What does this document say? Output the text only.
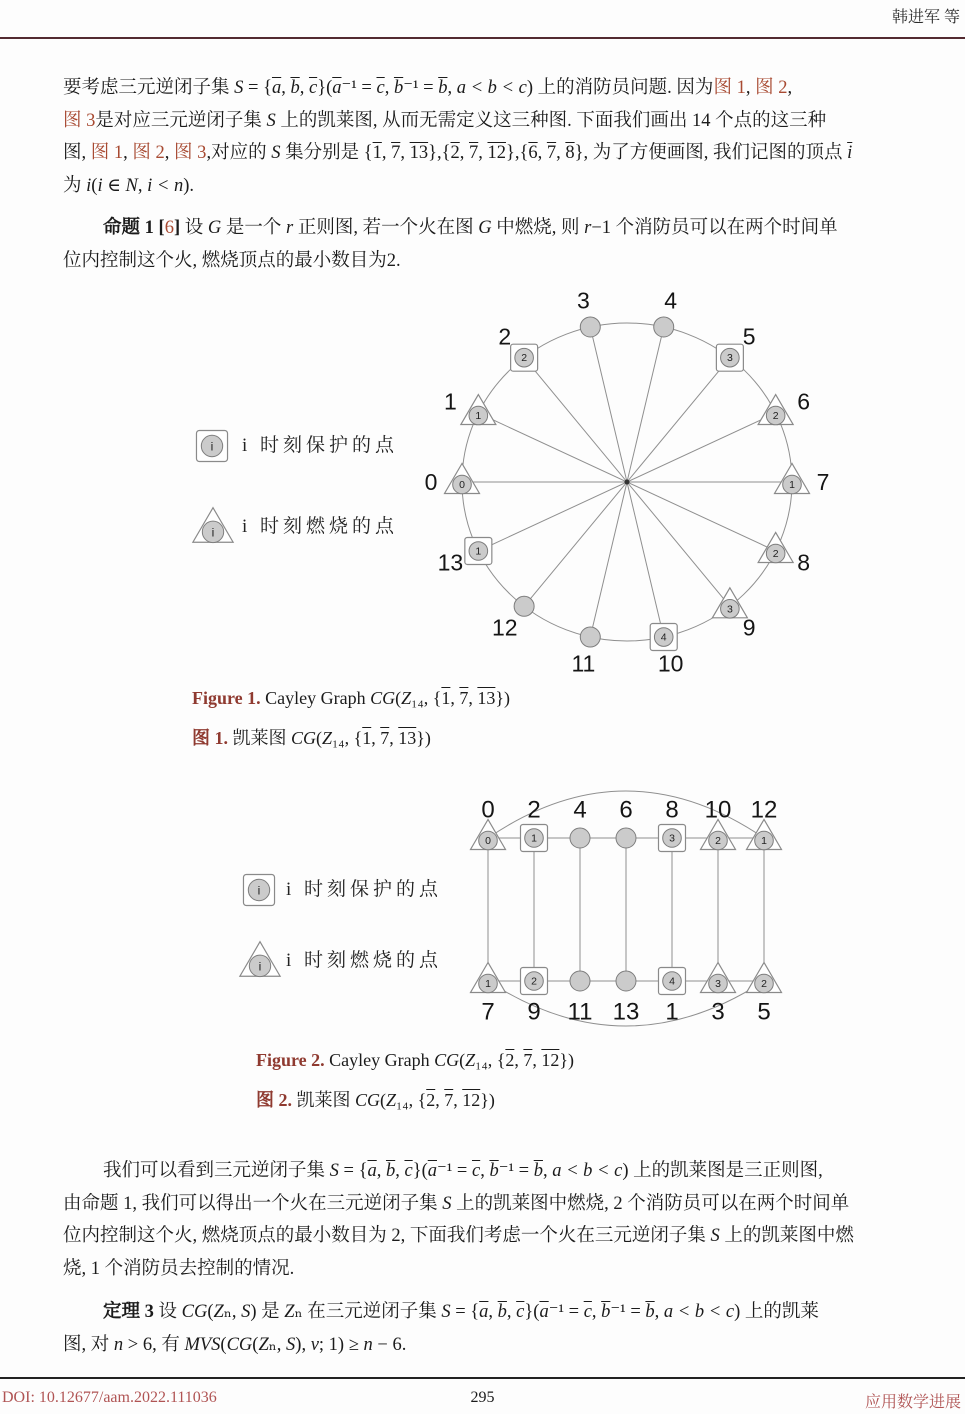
韩进军 等
要考虑三元逆闭子集 $S = \{\overline{a}$, $\overline{b}$, $\overline{c}\}(\overline{a}^{-1} = \overline{c}$, $\overline{b}^{-1} = \overline{b}$, a < b < c) 上的消防员问题. 因为图 1, 图 2,
图 3是对应三元逆闭子集 S 上的凯莱图, 从而无需定义这三种图. 下面我们画出 14 个点的这三种
图, 图 1, 图 2, 图 3,对应的 S 集分别是 {1, 7, 13},{2, 7, 12},{6, 7, 8}, 为了方便画图, 我们记图的顶点 $\overline{i}$
为 i(i ∈ N, i < n).
命题 1 [6] 设 G 是一个 r 正则图, 若一个火在图 G 中燃烧, 则 r−1 个消防员可以在两个时间单
位内控制这个火, 燃烧顶点的最小数目为2.
i i 时刻保护的点
i i 时刻燃烧的点
0
0
1
1
2
2
3	4
3
5
2
6
1 7
2 8
3
9
4
10
11
12
1
13
Figure 1. Cayley Graph CG(Z₁₄, {1, 7, 13})
图 1. 凯莱图 CG(Z₁₄, {1, 7, 13})
i i 时刻保护的点
i i 时刻燃烧的点
0
0
1
2 4 6
3
8
2
10
1
12
1
7
2
9 11 13
4
1
3
3
2
5
Figure 2. Cayley Graph CG(Z₁₄, {2, 7, 12})
图 2. 凯莱图 CG(Z₁₄, {2, 7, 12})
我们可以看到三元逆闭子集 $S = \{\overline{a}$, $\overline{b}$, $\overline{c}\}(\overline{a}^{-1} = \overline{c}$, $\overline{b}^{-1} = \overline{b}$, a < b < c) 上的凯莱图是三正则图,
由命题 1, 我们可以得出一个火在三元逆闭子集 S 上的凯莱图中燃烧, 2 个消防员可以在两个时间单
位内控制这个火, 燃烧顶点的最小数目为 2, 下面我们考虑一个火在三元逆闭子集 S 上的凯莱图中燃
烧, 1 个消防员去控制的情况.
定理 3 设 CG(Zₙ, S) 是 Zₙ 在三元逆闭子集 $S = \{\overline{a}$, $\overline{b}$, $\overline{c}\}(\overline{a}^{-1} = \overline{c}$, $\overline{b}^{-1} = \overline{b}$, a < b < c) 上的凯莱
图, 对 n > 6, 有 MVS(CG(Zₙ, S), v; 1) ≥ n − 6.
DOI: 10.12677/aam.2022.111036	295	应用数学进展
